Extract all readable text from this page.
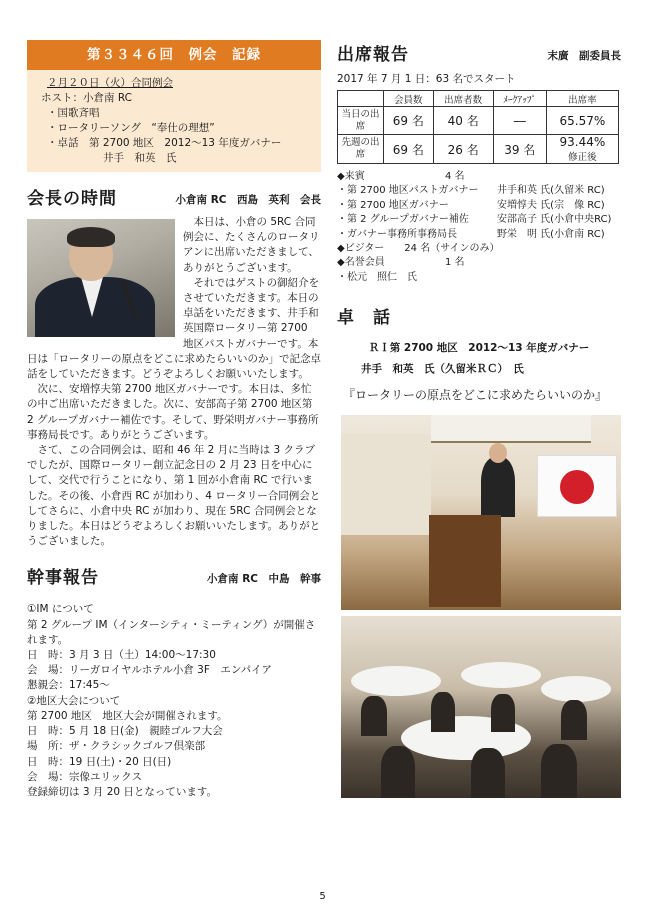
第３３４６回　例会　記録
２月２０日（火）合同例会
ホスト：小倉南 RC
・国歌斉唱
・ロータリーソング　“奉仕の理想”
・卓話　第 2700 地区　2012～13 年度ガバナー
井手　和英　氏
会長の時間	小倉南 RC　西島　英利　会長

本日は、小倉の 5RC 合同例会に、たくさんのロータリアンに出席いただきまして、ありがとうございます。

それではゲストの御紹介をさせていただきます。本日の卓話をいただきます、井手和英国際ロータリー第 2700 地区パストガバナーです。本日は「ロータリーの原点をどこに求めたらいいのか」で記念卓話をしていただきます。どうぞよろしくお願いいたします。

次に、安増惇夫第 2700 地区ガバナーです。本日は、多忙の中ご出席いただきました。次に、安部高子第 2700 地区第 2 グループガバナー補佐です。そして、野栄明ガバナー事務所事務局長です。ありがとうございます。

さて、この合同例会は、昭和 46 年 2 月に当時は 3 クラブでしたが、国際ロータリー創立記念日の 2 月 23 日を中心にして、交代で行うことになり、第 1 回が小倉南 RC で行いました。その後、小倉西 RC が加わり、4 ロータリー合同例会としてさらに、小倉中央 RC が加わり、現在 5RC 合同例会となりました。本日はどうぞよろしくお願いいたします。ありがとうございました。

幹事報告	小倉南 RC　中島　幹事
①IM について
第 2 グループ IM（インターシティ・ミーティング）が開催されます。
日　時：3 月 3 日（土）14:00～17:30
会　場：リーガロイヤルホテル小倉 3F　エンパイア
懇親会：17:45～
②地区大会について
第 2700 地区　地区大会が開催されます。
日　時：5 月 18 日(金)　親睦ゴルフ大会
場　所：ザ・クラシックゴルフ倶楽部
日　時：19 日(土)・20 日(日)
会　場：宗像ユリックス
登録締切は 3 月 20 日となっています。
出席報告	末廣　副委員長
2017 年 7 月 1 日：63 名でスタート
	会員数	出席者数	ﾒｰｸｱｯﾌﾟ	出席率
当日の出席	69 名	40 名	―	65.57%
先週の出席	69 名	26 名	39 名	93.44%
修正後
◆来賓	4 名
・第 2700 地区パストガバナー	井手和英 氏(久留米 RC)
・第 2700 地区ガバナー	安増惇夫 氏(宗　像 RC)
・第 2 グループガバナー補佐	安部高子 氏(小倉中央RC)
・ガバナー事務所事務局長	野栄　明 氏(小倉南 RC)
◆ビジター　　24 名（サインのみ）
◆名誉会員	1 名
・松元　照仁　氏
卓　話
ＲＩ第 2700 地区　2012～13 年度ガバナー
井手　和英　氏（久留米ＲＣ）　氏
『ロータリーの原点をどこに求めたらいいのか』
5
